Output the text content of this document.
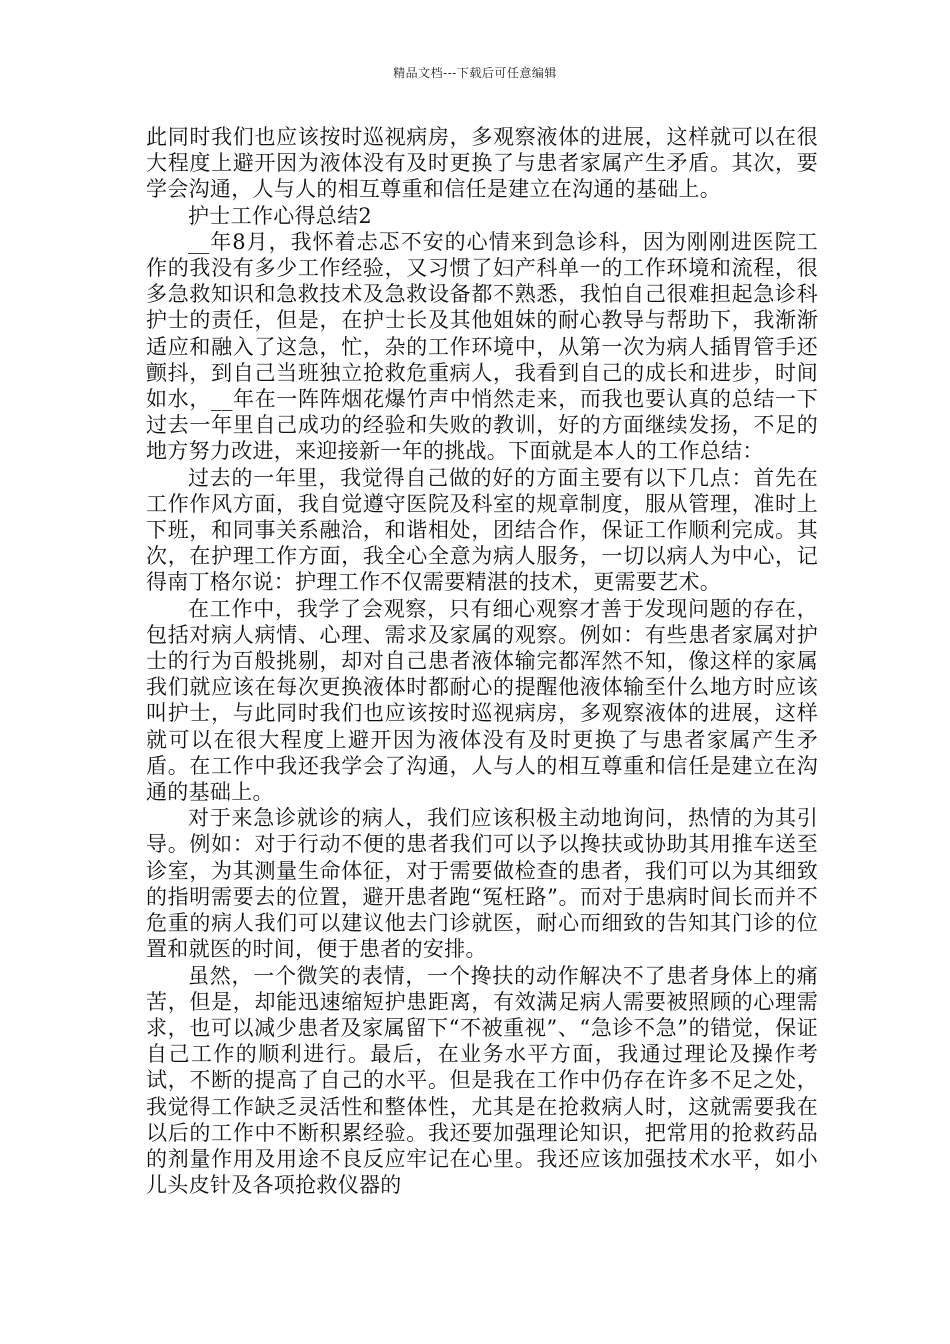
精品文档---下载后可任意编辑

此同时我们也应该按时巡视病房，多观察液体的进展，这样就可以在很大程度上避开因为液体没有及时更换了与患者家属产生矛盾。其次，要学会沟通，人与人的相互尊重和信任是建立在沟通的基础上。

护士工作心得总结2

__年8月，我怀着忐忑不安的心情来到急诊科，因为刚刚进医院工作的我没有多少工作经验，又习惯了妇产科单一的工作环境和流程，很多急救知识和急救技术及急救设备都不熟悉，我怕自己很难担起急诊科护士的责任，但是，在护士长及其他姐妹的耐心教导与帮助下，我渐渐适应和融入了这急，忙，杂的工作环境中，从第一次为病人插胃管手还颤抖，到自己当班独立抢救危重病人，我看到自己的成长和进步，时间如水，__年在一阵阵烟花爆竹声中悄然走来，而我也要认真的总结一下过去一年里自己成功的经验和失败的教训，好的方面继续发扬，不足的地方努力改进，来迎接新一年的挑战。下面就是本人的工作总结：

过去的一年里，我觉得自己做的好的方面主要有以下几点：首先在工作作风方面，我自觉遵守医院及科室的规章制度，服从管理，准时上下班，和同事关系融洽，和谐相处，团结合作，保证工作顺利完成。其次，在护理工作方面，我全心全意为病人服务，一切以病人为中心，记得南丁格尔说：护理工作不仅需要精湛的技术，更需要艺术。

在工作中，我学了会观察，只有细心观察才善于发现问题的存在，包括对病人病情、心理、需求及家属的观察。例如：有些患者家属对护士的行为百般挑剔，却对自己患者液体输完都浑然不知，像这样的家属我们就应该在每次更换液体时都耐心的提醒他液体输至什么地方时应该叫护士，与此同时我们也应该按时巡视病房，多观察液体的进展，这样就可以在很大程度上避开因为液体没有及时更换了与患者家属产生矛盾。在工作中我还我学会了沟通，人与人的相互尊重和信任是建立在沟通的基础上。

对于来急诊就诊的病人，我们应该积极主动地询问，热情的为其引导。例如：对于行动不便的患者我们可以予以搀扶或协助其用推车送至诊室，为其测量生命体征，对于需要做检查的患者，我们可以为其细致的指明需要去的位置，避开患者跑“冤枉路”。而对于患病时间长而并不危重的病人我们可以建议他去门诊就医，耐心而细致的告知其门诊的位置和就医的时间，便于患者的安排。

虽然，一个微笑的表情，一个搀扶的动作解决不了患者身体上的痛苦，但是，却能迅速缩短护患距离，有效满足病人需要被照顾的心理需求，也可以减少患者及家属留下“不被重视”、“急诊不急”的错觉，保证自己工作的顺利进行。最后，在业务水平方面，我通过理论及操作考试，不断的提高了自己的水平。但是我在工作中仍存在许多不足之处，我觉得工作缺乏灵活性和整体性，尤其是在抢救病人时，这就需要我在以后的工作中不断积累经验。我还要加强理论知识，把常用的抢救药品的剂量作用及用途不良反应牢记在心里。我还应该加强技术水平，如小儿头皮针及各项抢救仪器的
